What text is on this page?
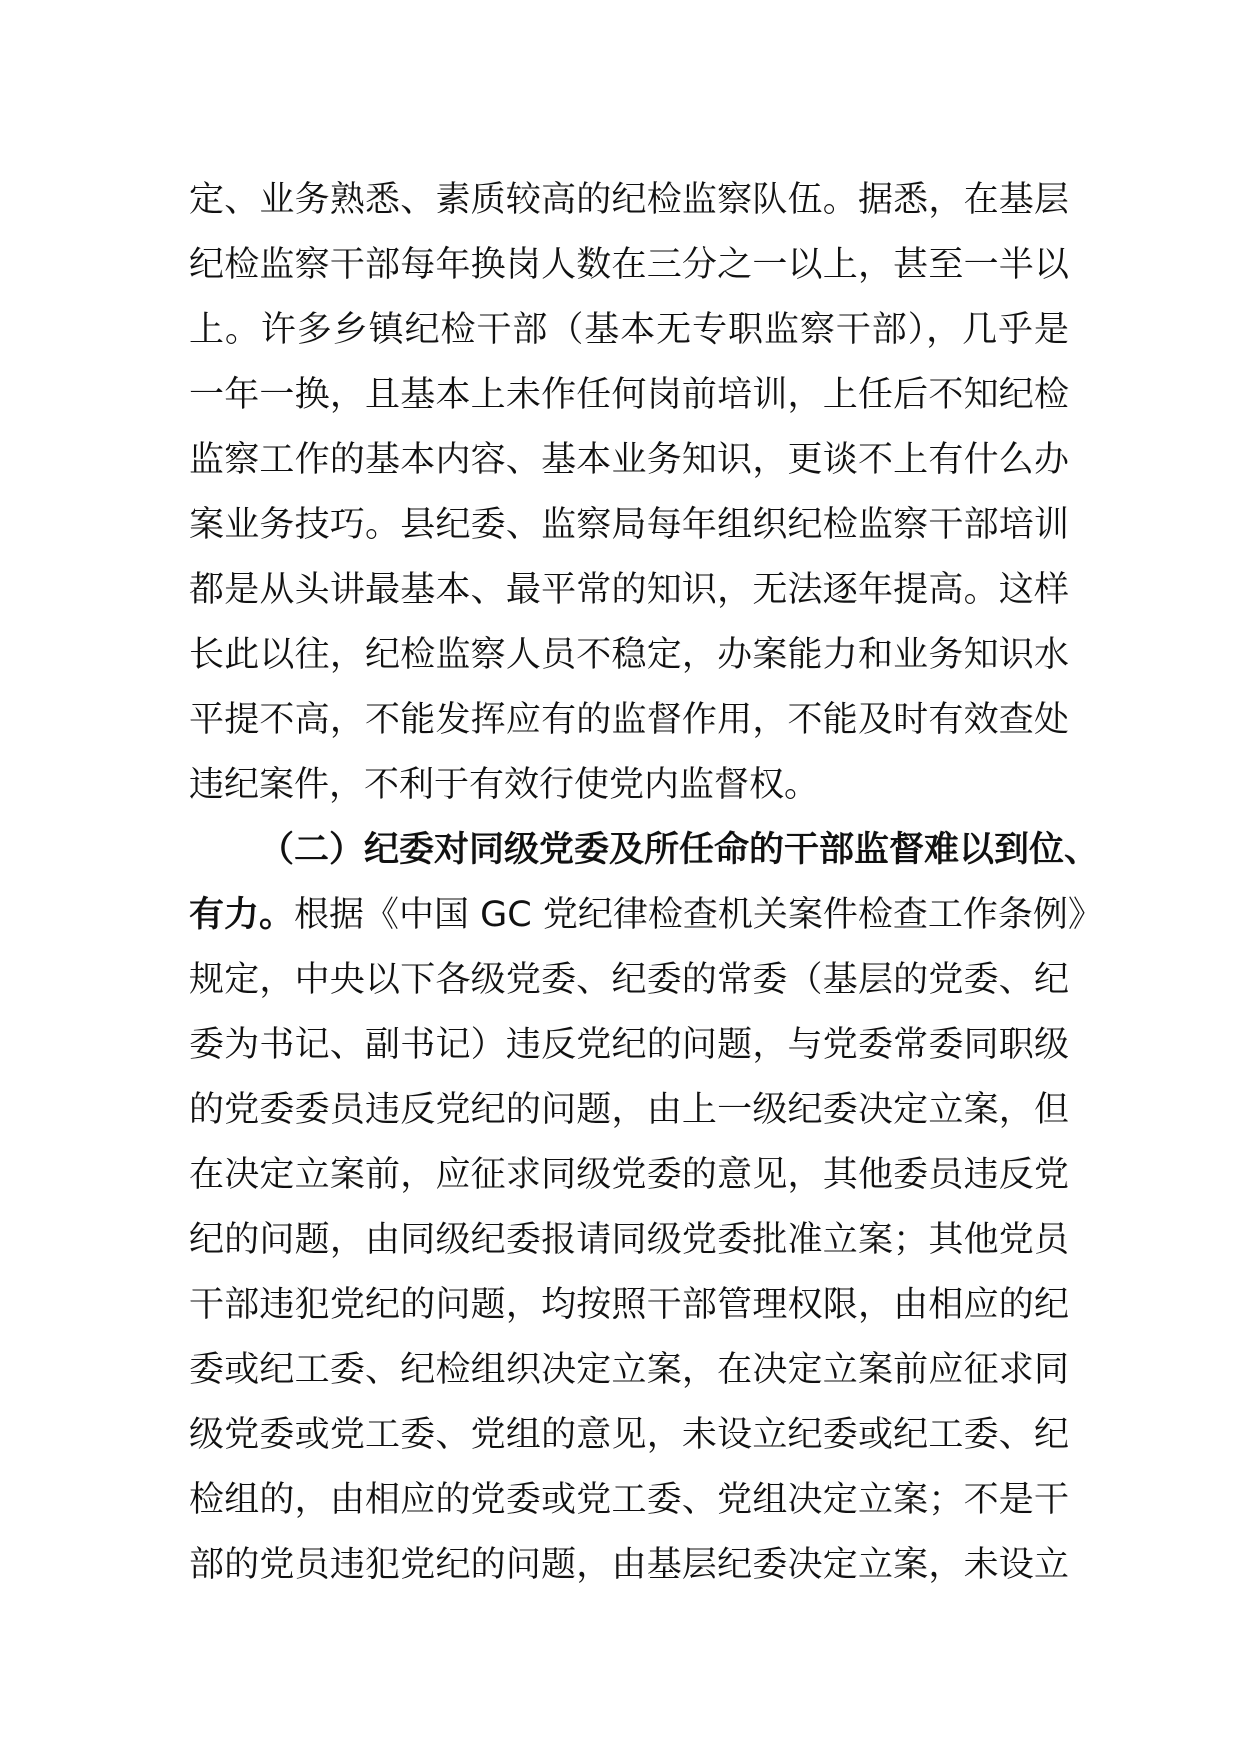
定、业务熟悉、素质较高的纪检监察队伍。据悉，在基层
纪检监察干部每年换岗人数在三分之一以上，甚至一半以
上。许多乡镇纪检干部（基本无专职监察干部），几乎是
一年一换，且基本上未作任何岗前培训，上任后不知纪检
监察工作的基本内容、基本业务知识，更谈不上有什么办
案业务技巧。县纪委、监察局每年组织纪检监察干部培训
都是从头讲最基本、最平常的知识，无法逐年提高。这样
长此以往，纪检监察人员不稳定，办案能力和业务知识水
平提不高，不能发挥应有的监督作用，不能及时有效查处
违纪案件，不利于有效行使党内监督权。
（二）纪委对同级党委及所任命的干部监督难以到位、
有力。根据《中国 GC 党纪律检查机关案件检查工作条例》
规定，中央以下各级党委、纪委的常委（基层的党委、纪
委为书记、副书记）违反党纪的问题，与党委常委同职级
的党委委员违反党纪的问题，由上一级纪委决定立案，但
在决定立案前，应征求同级党委的意见，其他委员违反党
纪的问题，由同级纪委报请同级党委批准立案；其他党员
干部违犯党纪的问题，均按照干部管理权限，由相应的纪
委或纪工委、纪检组织决定立案，在决定立案前应征求同
级党委或党工委、党组的意见，未设立纪委或纪工委、纪
检组的，由相应的党委或党工委、党组决定立案；不是干
部的党员违犯党纪的问题，由基层纪委决定立案，未设立
